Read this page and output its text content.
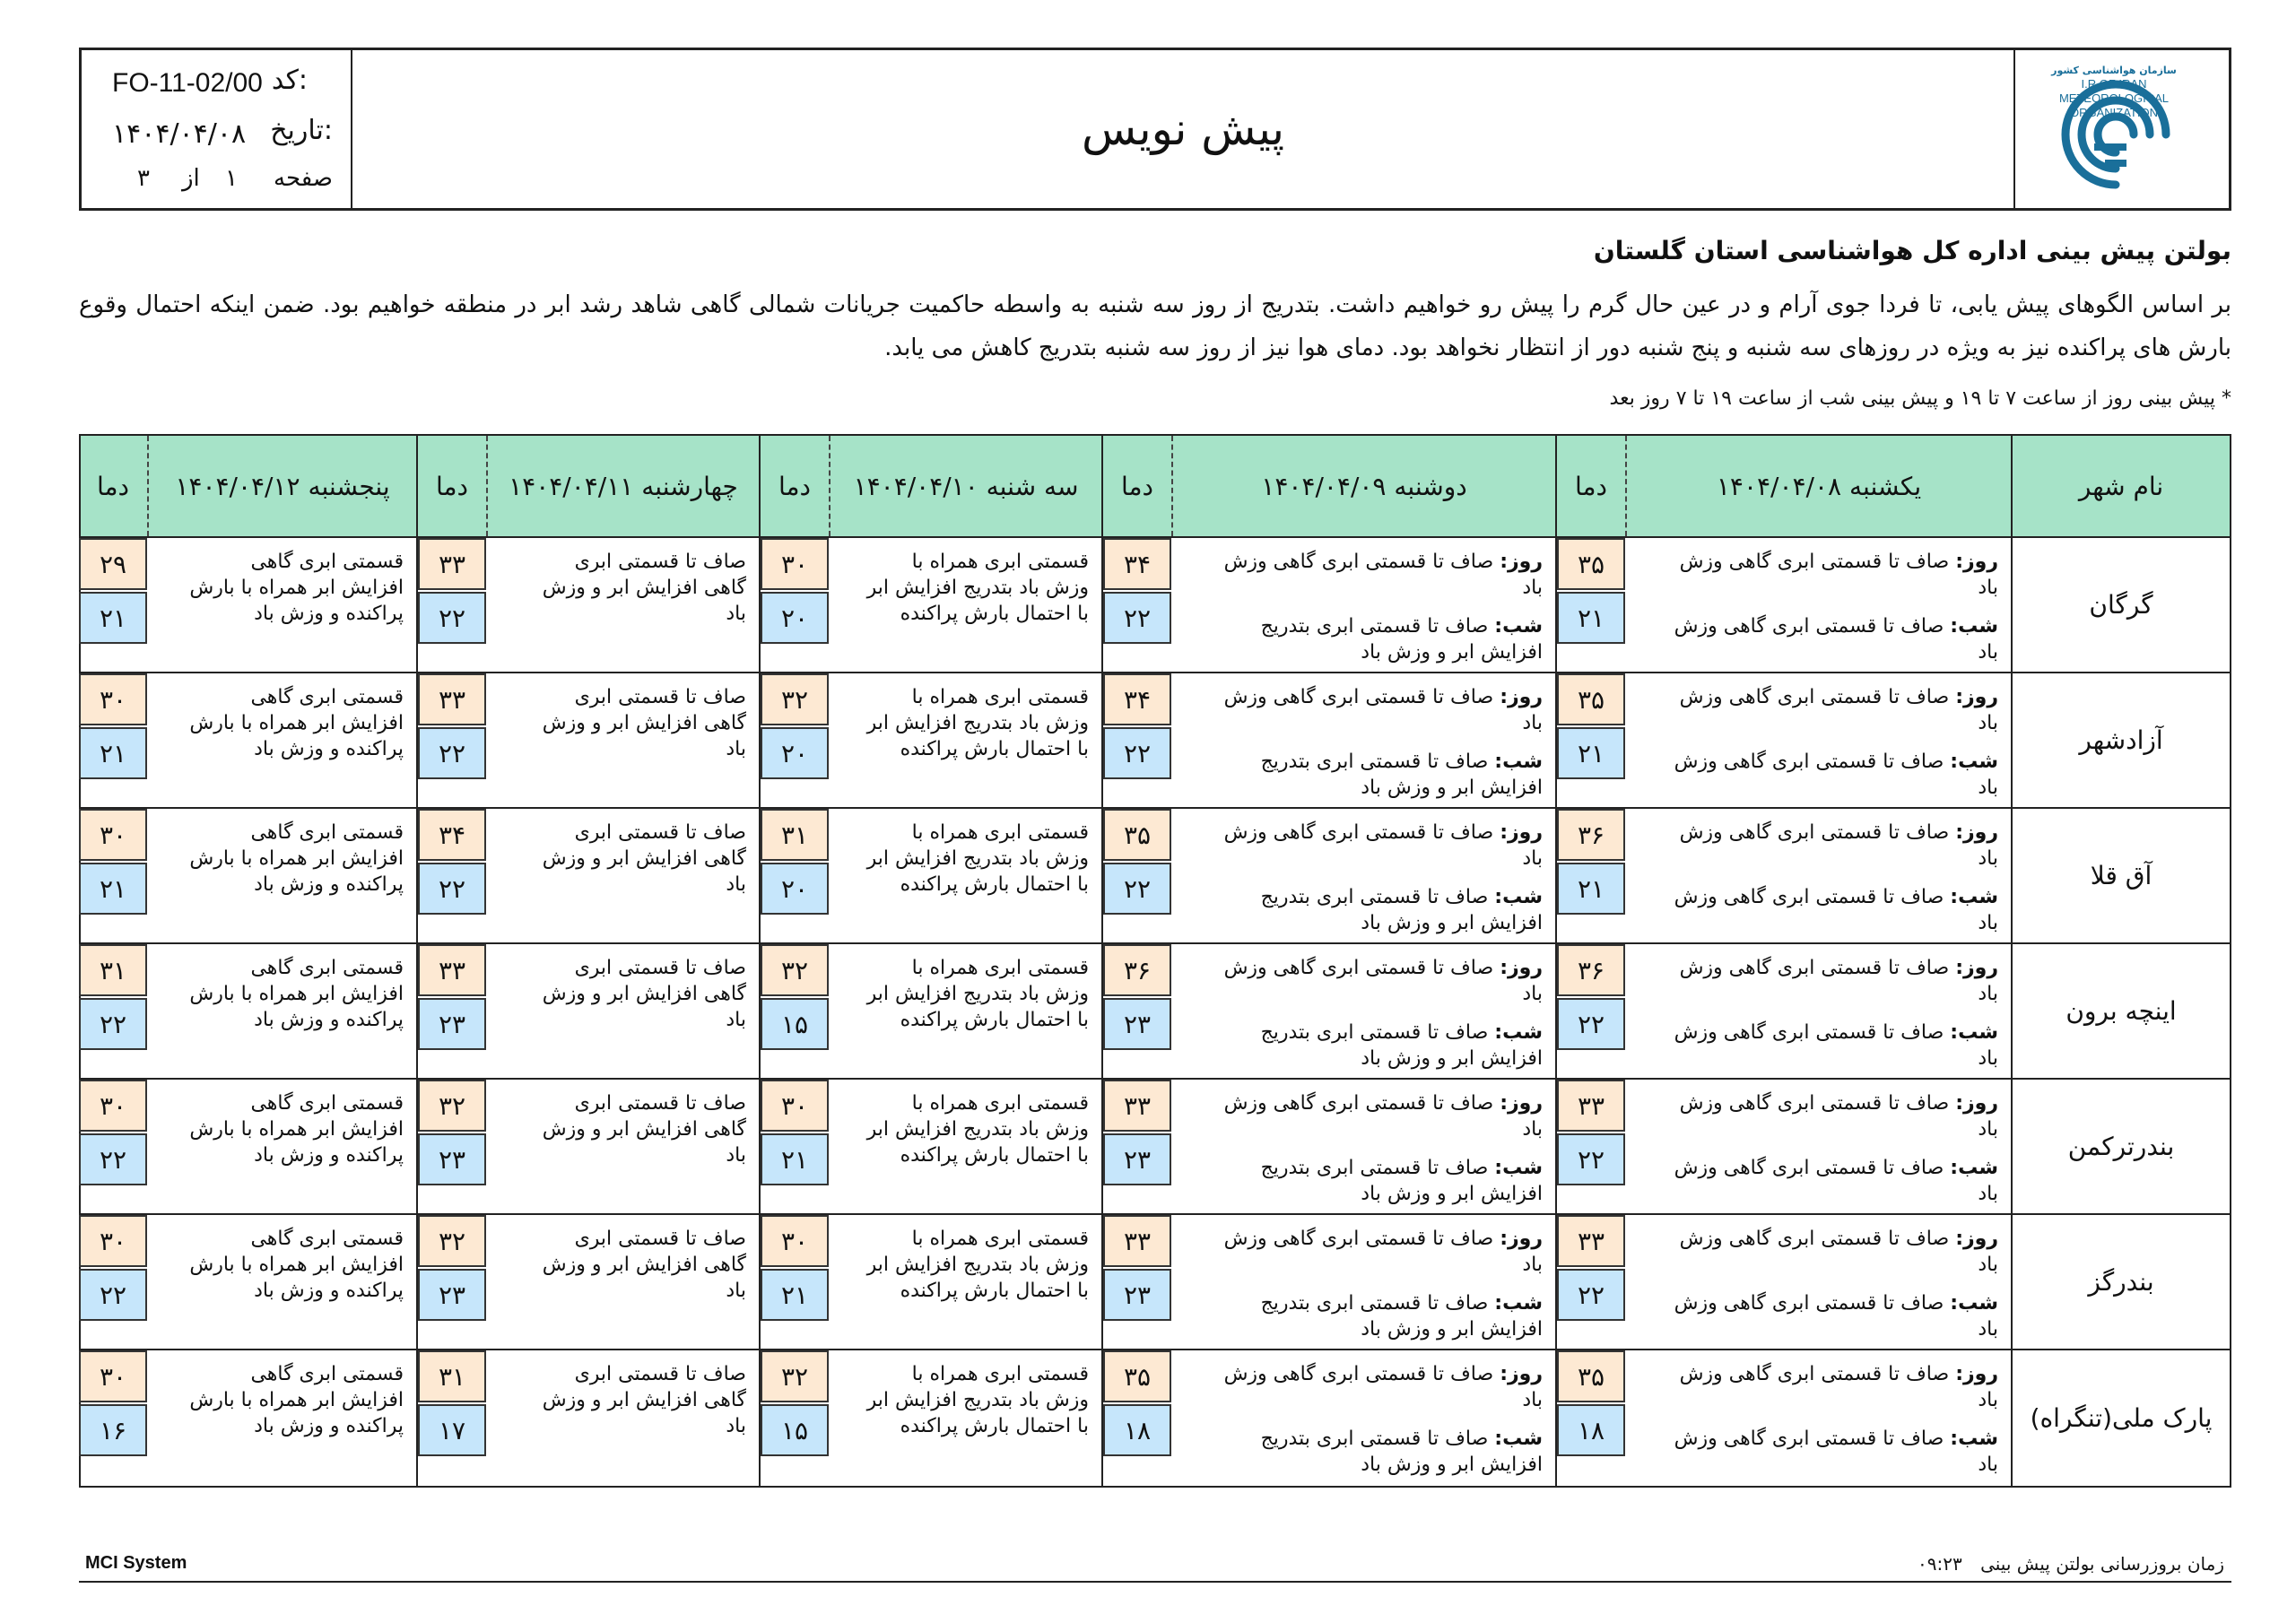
FO-11-02/00 کد:
۱۴۰۴/۰۴/۰۸ تاریخ:
۳ از ۱ صفحه
پیش نویس
سازمان هواشناسی کشور
I.R.OF IRAN
METEOROLOGICAL
ORGANIZATION
بولتن پیش بینی اداره کل هواشناسی استان گلستان
بر اساس الگوهای پیش یابی، تا فردا جوی آرام و در عین حال گرم را پیش رو خواهیم داشت. بتدریج از روز سه شنبه به واسطه حاکمیت جریانات شمالی گاهی شاهد رشد ابر در منطقه خواهیم بود. ضمن اینکه احتمال وقوع بارش های پراکنده نیز به ویژه در روزهای سه شنبه و پنج شنبه دور از انتظار نخواهد بود. دمای هوا نیز از روز سه شنبه بتدریج کاهش می یابد.
* پیش بینی روز از ساعت ۷ تا ۱۹ و پیش بینی شب از ساعت ۱۹ تا ۷ روز بعد
نام شهر
یکشنبه ۱۴۰۴/۰۴/۰۸
دما
دوشنبه ۱۴۰۴/۰۴/۰۹
دما
سه شنبه ۱۴۰۴/۰۴/۱۰
دما
چهارشنبه ۱۴۰۴/۰۴/۱۱
دما
پنجشنبه ۱۴۰۴/۰۴/۱۲
دما
گرگان
روز: صاف تا قسمتی ابری گاهی وزش
باد
شب: صاف تا قسمتی ابری گاهی وزش
باد
۳۵
۲۱
روز: صاف تا قسمتی ابری گاهی وزش
باد
شب: صاف تا قسمتی ابری بتدریج
افزایش ابر و وزش باد
۳۴
۲۲
قسمتی ابری همراه با
وزش باد بتدریج افزایش ابر
با احتمال بارش پراکنده
۳۰
۲۰
صاف تا قسمتی ابری
گاهی افزایش ابر و وزش
باد
۳۳
۲۲
قسمتی ابری گاهی
افزایش ابر همراه با بارش
پراکنده و وزش باد
۲۹
۲۱
آزادشهر
روز: صاف تا قسمتی ابری گاهی وزش
باد
شب: صاف تا قسمتی ابری گاهی وزش
باد
۳۵
۲۱
روز: صاف تا قسمتی ابری گاهی وزش
باد
شب: صاف تا قسمتی ابری بتدریج
افزایش ابر و وزش باد
۳۴
۲۲
قسمتی ابری همراه با
وزش باد بتدریج افزایش ابر
با احتمال بارش پراکنده
۳۲
۲۰
صاف تا قسمتی ابری
گاهی افزایش ابر و وزش
باد
۳۳
۲۲
قسمتی ابری گاهی
افزایش ابر همراه با بارش
پراکنده و وزش باد
۳۰
۲۱
آق قلا
روز: صاف تا قسمتی ابری گاهی وزش
باد
شب: صاف تا قسمتی ابری گاهی وزش
باد
۳۶
۲۱
روز: صاف تا قسمتی ابری گاهی وزش
باد
شب: صاف تا قسمتی ابری بتدریج
افزایش ابر و وزش باد
۳۵
۲۲
قسمتی ابری همراه با
وزش باد بتدریج افزایش ابر
با احتمال بارش پراکنده
۳۱
۲۰
صاف تا قسمتی ابری
گاهی افزایش ابر و وزش
باد
۳۴
۲۲
قسمتی ابری گاهی
افزایش ابر همراه با بارش
پراکنده و وزش باد
۳۰
۲۱
اینچه برون
روز: صاف تا قسمتی ابری گاهی وزش
باد
شب: صاف تا قسمتی ابری گاهی وزش
باد
۳۶
۲۲
روز: صاف تا قسمتی ابری گاهی وزش
باد
شب: صاف تا قسمتی ابری بتدریج
افزایش ابر و وزش باد
۳۶
۲۳
قسمتی ابری همراه با
وزش باد بتدریج افزایش ابر
با احتمال بارش پراکنده
۳۲
۱۵
صاف تا قسمتی ابری
گاهی افزایش ابر و وزش
باد
۳۳
۲۳
قسمتی ابری گاهی
افزایش ابر همراه با بارش
پراکنده و وزش باد
۳۱
۲۲
بندرترکمن
روز: صاف تا قسمتی ابری گاهی وزش
باد
شب: صاف تا قسمتی ابری گاهی وزش
باد
۳۳
۲۲
روز: صاف تا قسمتی ابری گاهی وزش
باد
شب: صاف تا قسمتی ابری بتدریج
افزایش ابر و وزش باد
۳۳
۲۳
قسمتی ابری همراه با
وزش باد بتدریج افزایش ابر
با احتمال بارش پراکنده
۳۰
۲۱
صاف تا قسمتی ابری
گاهی افزایش ابر و وزش
باد
۳۲
۲۳
قسمتی ابری گاهی
افزایش ابر همراه با بارش
پراکنده و وزش باد
۳۰
۲۲
بندرگز
روز: صاف تا قسمتی ابری گاهی وزش
باد
شب: صاف تا قسمتی ابری گاهی وزش
باد
۳۳
۲۲
روز: صاف تا قسمتی ابری گاهی وزش
باد
شب: صاف تا قسمتی ابری بتدریج
افزایش ابر و وزش باد
۳۳
۲۳
قسمتی ابری همراه با
وزش باد بتدریج افزایش ابر
با احتمال بارش پراکنده
۳۰
۲۱
صاف تا قسمتی ابری
گاهی افزایش ابر و وزش
باد
۳۲
۲۳
قسمتی ابری گاهی
افزایش ابر همراه با بارش
پراکنده و وزش باد
۳۰
۲۲
پارک ملی(تنگراه)
روز: صاف تا قسمتی ابری گاهی وزش
باد
شب: صاف تا قسمتی ابری گاهی وزش
باد
۳۵
۱۸
روز: صاف تا قسمتی ابری گاهی وزش
باد
شب: صاف تا قسمتی ابری بتدریج
افزایش ابر و وزش باد
۳۵
۱۸
قسمتی ابری همراه با
وزش باد بتدریج افزایش ابر
با احتمال بارش پراکنده
۳۲
۱۵
صاف تا قسمتی ابری
گاهی افزایش ابر و وزش
باد
۳۱
۱۷
قسمتی ابری گاهی
افزایش ابر همراه با بارش
پراکنده و وزش باد
۳۰
۱۶
MCI System	زمان بروزرسانی بولتن پیش بینی ۰۹:۲۳
